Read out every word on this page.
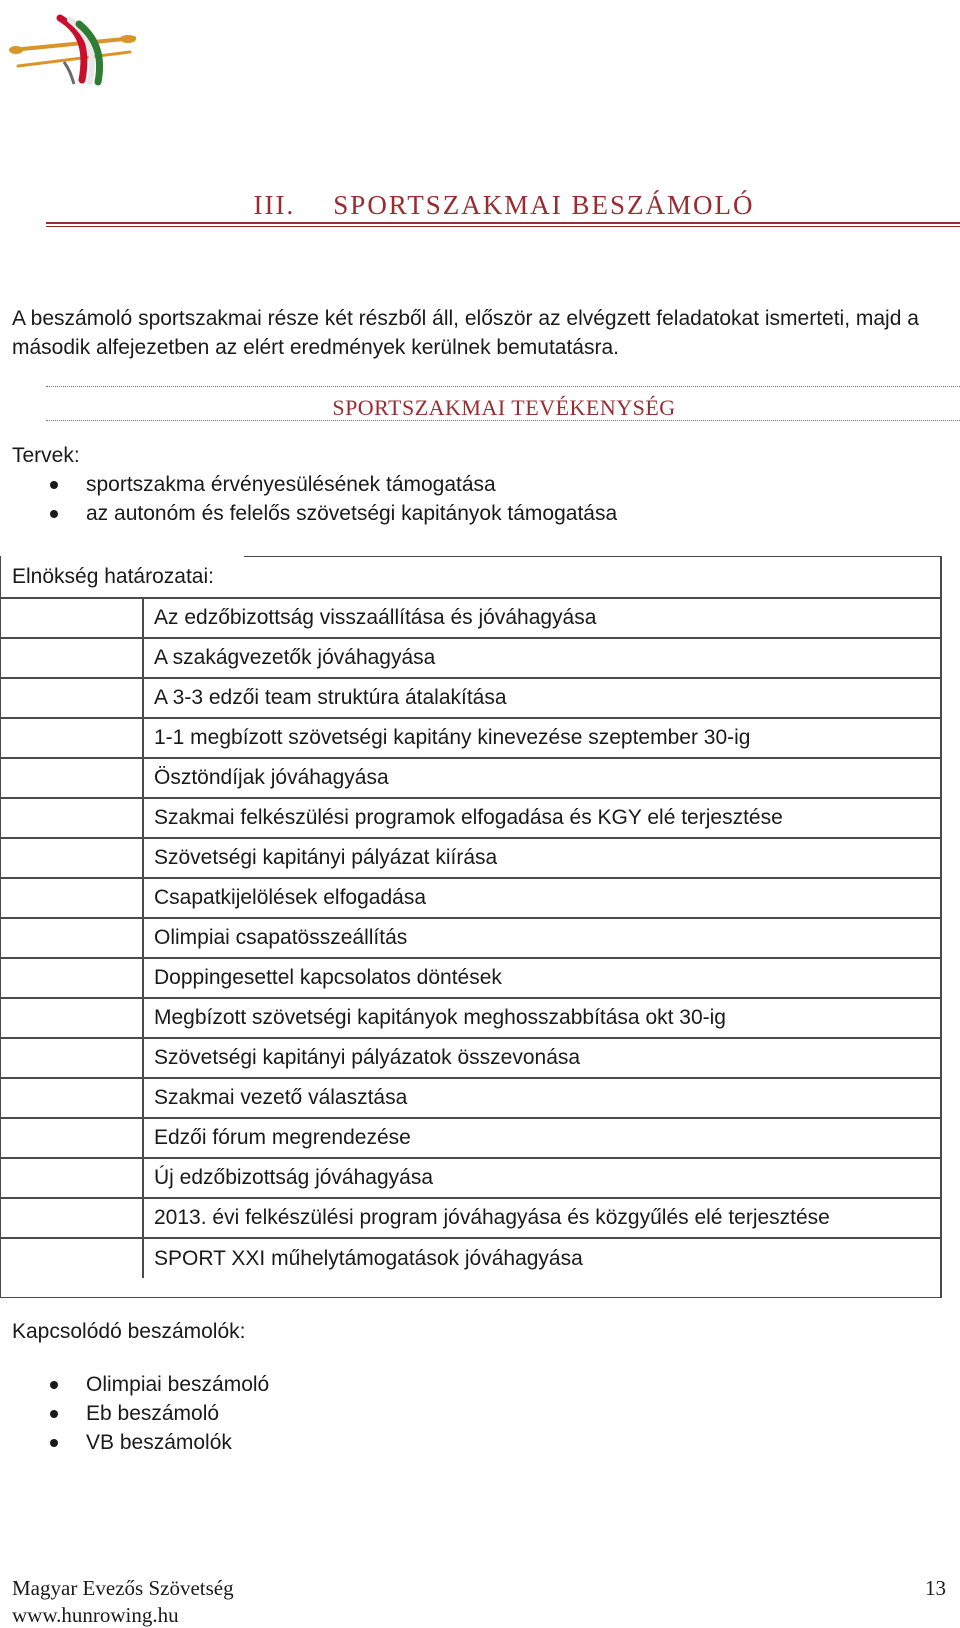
III. SPORTSZAKMAI BESZÁMOLÓ
A beszámoló sportszakmai része két részből áll, először az elvégzett feladatokat ismerteti, majd a második alfejezetben az elért eredmények kerülnek bemutatásra.
SPORTSZAKMAI TEVÉKENYSÉG
Tervek:
sportszakma érvényesülésének támogatása
az autonóm és felelős szövetségi kapitányok támogatása
Elnökség határozatai:
	Az edzőbizottság visszaállítása és jóváhagyása
	A szakágvezetők jóváhagyása
	A 3-3 edzői team struktúra átalakítása
	1-1 megbízott szövetségi kapitány kinevezése szeptember 30-ig
	Ösztöndíjak jóváhagyása
	Szakmai felkészülési programok elfogadása és KGY elé terjesztése
	Szövetségi kapitányi pályázat kiírása
	Csapatkijelölések elfogadása
	Olimpiai csapatösszeállítás
	Doppingesettel kapcsolatos döntések
	Megbízott szövetségi kapitányok meghosszabbítása okt 30-ig
	Szövetségi kapitányi pályázatok összevonása
	Szakmai vezető választása
	Edzői fórum megrendezése
	Új edzőbizottság jóváhagyása
	2013. évi felkészülési program jóváhagyása és közgyűlés elé terjesztése
	SPORT XXI műhelytámogatások jóváhagyása
Kapcsolódó beszámolók:
Olimpiai beszámoló
Eb beszámoló
VB beszámolók
Magyar Evezős Szövetség
www.hunrowing.hu
13
